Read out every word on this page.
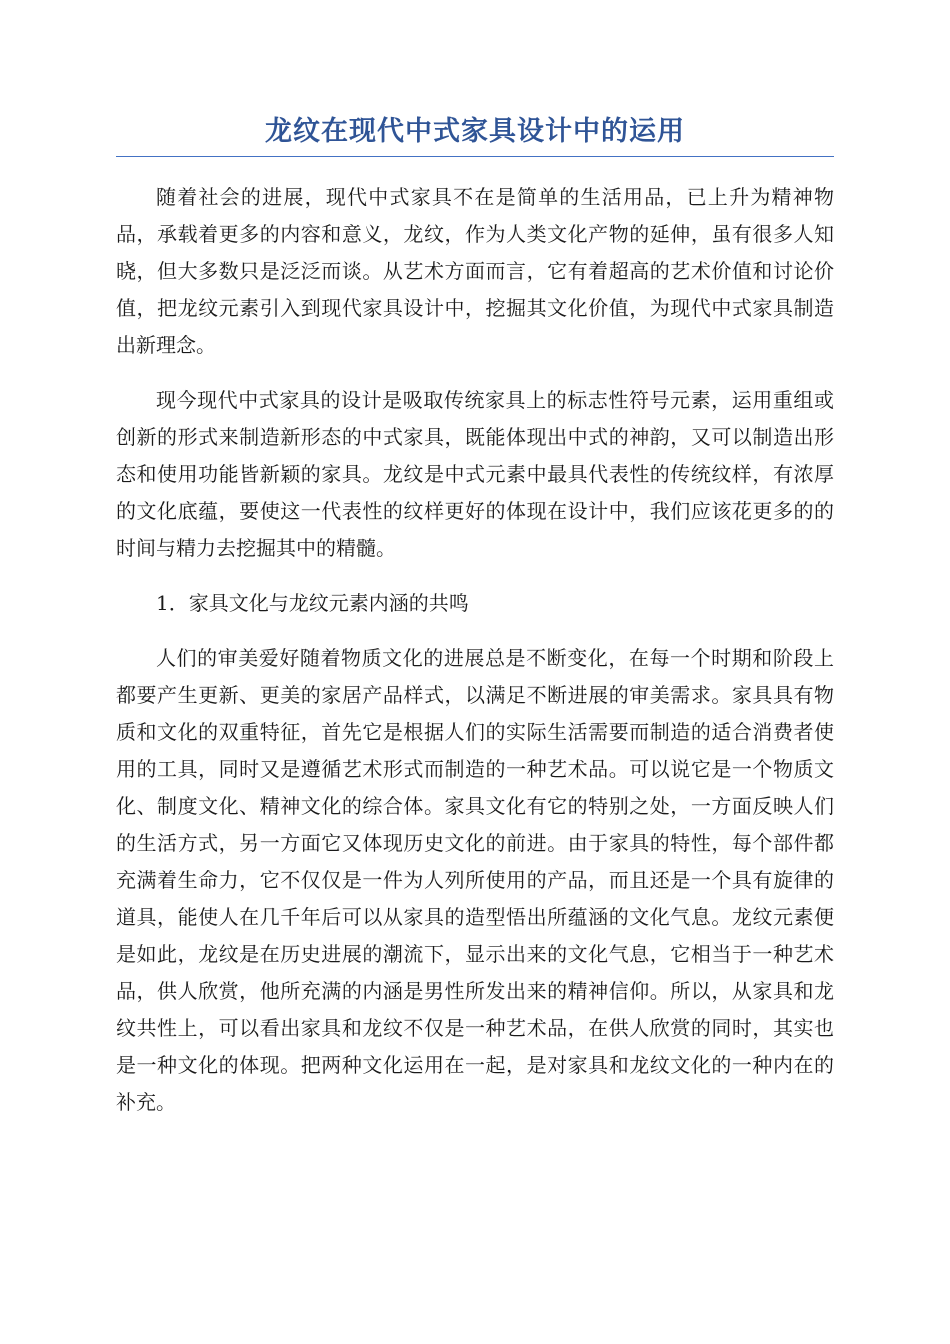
龙纹在现代中式家具设计中的运用

随着社会的进展，现代中式家具不在是简单的生活用品，已上升为精神物品，承载着更多的内容和意义，龙纹，作为人类文化产物的延伸，虽有很多人知晓，但大多数只是泛泛而谈。从艺术方面而言，它有着超高的艺术价值和讨论价值，把龙纹元素引入到现代家具设计中，挖掘其文化价值，为现代中式家具制造出新理念。

现今现代中式家具的设计是吸取传统家具上的标志性符号元素，运用重组或创新的形式来制造新形态的中式家具，既能体现出中式的神韵，又可以制造出形态和使用功能皆新颖的家具。龙纹是中式元素中最具代表性的传统纹样，有浓厚的文化底蕴，要使这一代表性的纹样更好的体现在设计中，我们应该花更多的的时间与精力去挖掘其中的精髓。

1．家具文化与龙纹元素内涵的共鸣

人们的审美爱好随着物质文化的进展总是不断变化，在每一个时期和阶段上都要产生更新、更美的家居产品样式，以满足不断进展的审美需求。家具具有物质和文化的双重特征，首先它是根据人们的实际生活需要而制造的适合消费者使用的工具，同时又是遵循艺术形式而制造的一种艺术品。可以说它是一个物质文化、制度文化、精神文化的综合体。家具文化有它的特别之处，一方面反映人们的生活方式，另一方面它又体现历史文化的前进。由于家具的特性，每个部件都充满着生命力，它不仅仅是一件为人列所使用的产品，而且还是一个具有旋律的道具，能使人在几千年后可以从家具的造型悟出所蕴涵的文化气息。龙纹元素便是如此，龙纹是在历史进展的潮流下，显示出来的文化气息，它相当于一种艺术品，供人欣赏，他所充满的内涵是男性所发出来的精神信仰。所以，从家具和龙纹共性上，可以看出家具和龙纹不仅是一种艺术品，在供人欣赏的同时，其实也是一种文化的体现。把两种文化运用在一起，是对家具和龙纹文化的一种内在的补充。
